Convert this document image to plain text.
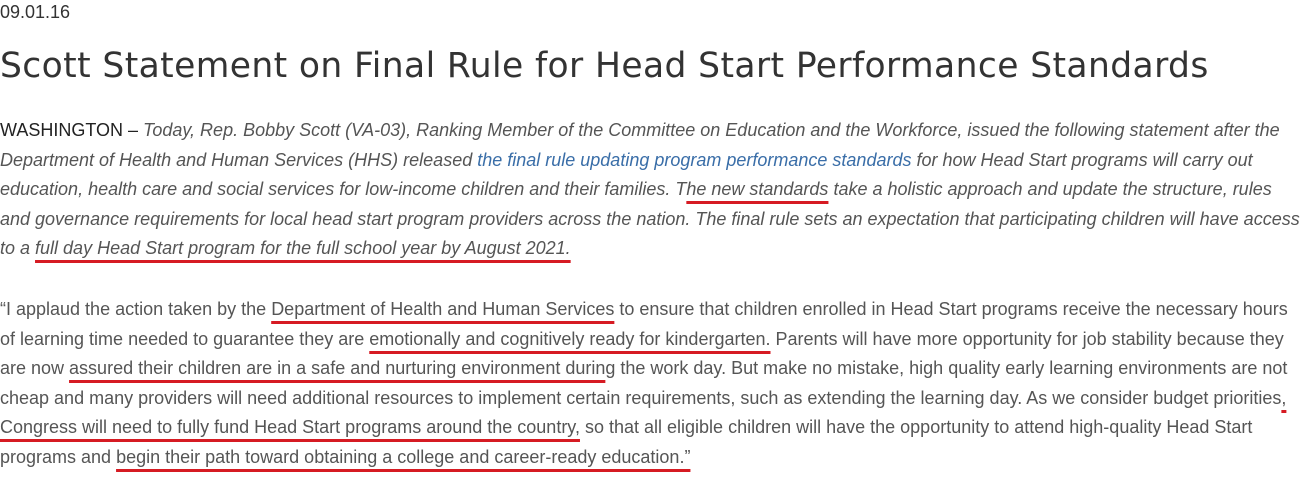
09.01.16
Scott Statement on Final Rule for Head Start Performance Standards

WASHINGTON – Today, Rep. Bobby Scott (VA-03), Ranking Member of the Committee on Education and the Workforce, issued the following statement after the Department of Health and Human Services (HHS) released the final rule updating program performance standards for how Head Start programs will carry out education, health care and social services for low-income children and their families. The new standards take a holistic approach and update the structure, rules and governance requirements for local head start program providers across the nation. The final rule sets an expectation that participating children will have access to a full day Head Start program for the full school year by August 2021.

“I applaud the action taken by the Department of Health and Human Services to ensure that children enrolled in Head Start programs receive the necessary hours of learning time needed to guarantee they are emotionally and cognitively ready for kindergarten. Parents will have more opportunity for job stability because they are now assured their children are in a safe and nurturing environment during the work day. But make no mistake, high quality early learning environments are not cheap and many providers will need additional resources to implement certain requirements, such as extending the learning day. As we consider budget priorities, Congress will need to fully fund Head Start programs around the country, so that all eligible children will have the opportunity to attend high-quality Head Start programs and begin their path toward obtaining a college and career-ready education.”
